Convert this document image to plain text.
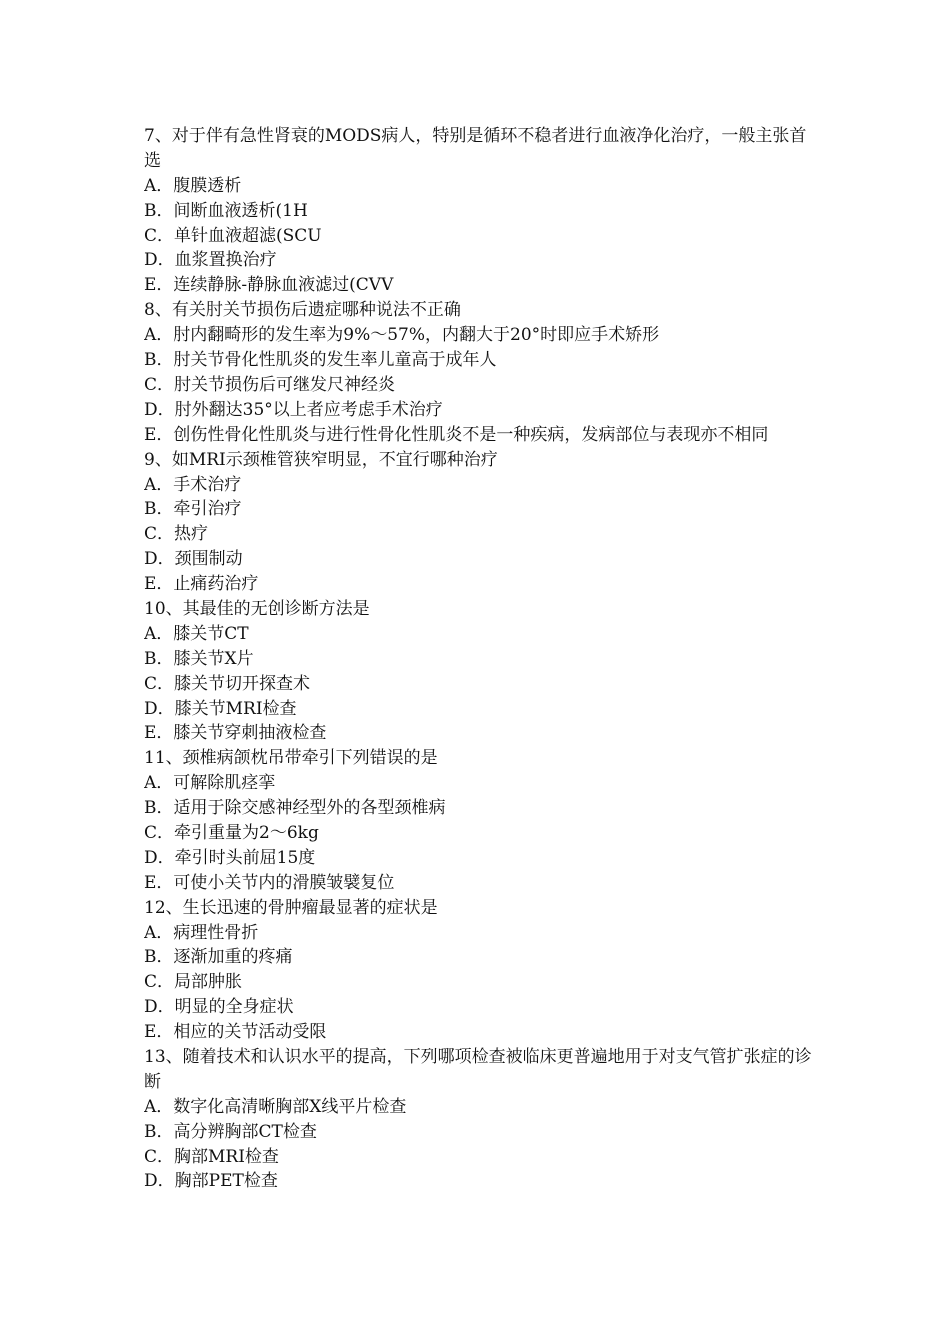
7、对于伴有急性肾衰的MODS病人，特别是循环不稳者进行血液净化治疗，一般主张首选
A．腹膜透析
B．间断血液透析(1H
C．单针血液超滤(SCU
D．血浆置换治疗
E．连续静脉-静脉血液滤过(CVV
8、有关肘关节损伤后遗症哪种说法不正确
A．肘内翻畸形的发生率为9%～57%，内翻大于20°时即应手术矫形
B．肘关节骨化性肌炎的发生率儿童高于成年人
C．肘关节损伤后可继发尺神经炎
D．肘外翻达35°以上者应考虑手术治疗
E．创伤性骨化性肌炎与进行性骨化性肌炎不是一种疾病，发病部位与表现亦不相同
9、如MRI示颈椎管狭窄明显，不宜行哪种治疗
A．手术治疗
B．牵引治疗
C．热疗
D．颈围制动
E．止痛药治疗
10、其最佳的无创诊断方法是
A．膝关节CT
B．膝关节X片
C．膝关节切开探查术
D．膝关节MRI检查
E．膝关节穿刺抽液检查
11、颈椎病颌枕吊带牵引下列错误的是
A．可解除肌痉挛
B．适用于除交感神经型外的各型颈椎病
C．牵引重量为2～6kg
D．牵引时头前屈15度
E．可使小关节内的滑膜皱襞复位
12、生长迅速的骨肿瘤最显著的症状是
A．病理性骨折
B．逐渐加重的疼痛
C．局部肿胀
D．明显的全身症状
E．相应的关节活动受限
13、随着技术和认识水平的提高，下列哪项检查被临床更普遍地用于对支气管扩张症的诊断
A．数字化高清晰胸部X线平片检查
B．高分辨胸部CT检查
C．胸部MRI检查
D．胸部PET检查
